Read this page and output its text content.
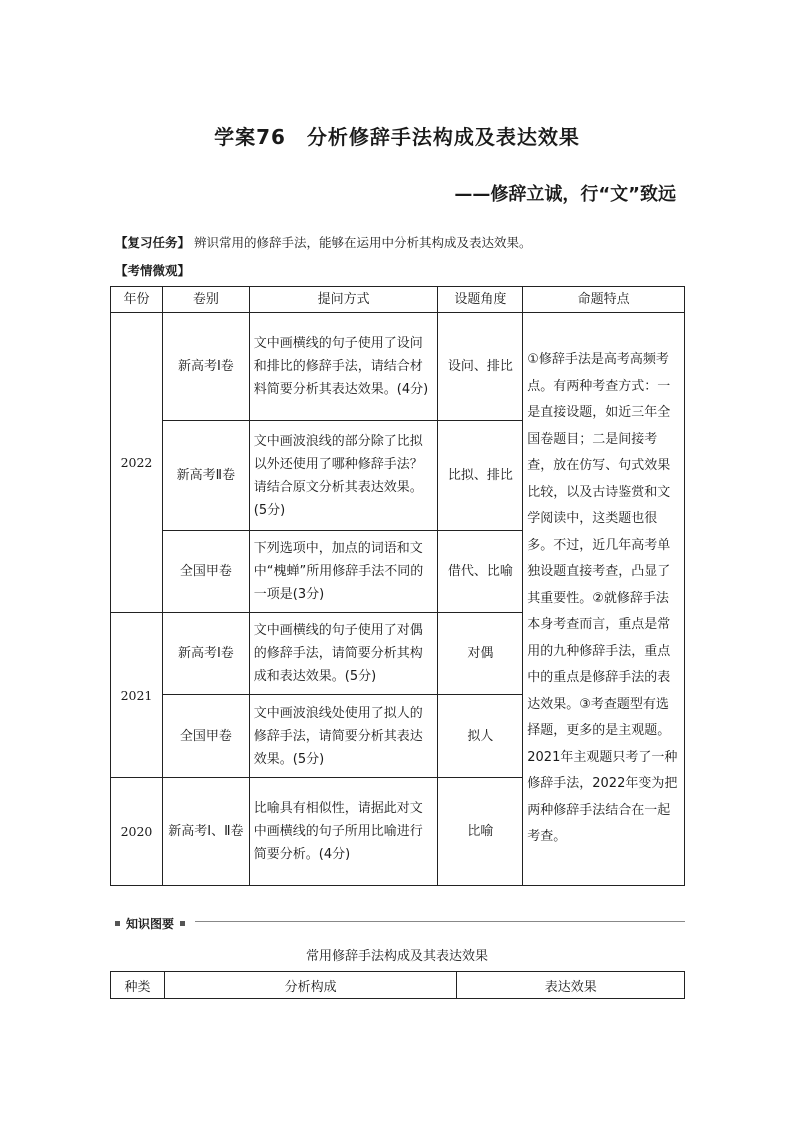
学案76　分析修辞手法构成及表达效果
——修辞立诚，行“文”致远
【复习任务】 辨识常用的修辞手法，能够在运用中分析其构成及表达效果。
【考情微观】
年份	卷别	提问方式	设题角度	命题特点
2022	新高考Ⅰ卷	文中画横线的句子使用了设问和排比的修辞手法，请结合材料简要分析其表达效果。(4分)	设问、排比	①修辞手法是高考高频考点。有两种考查方式：一是直接设题，如近三年全国卷题目；二是间接考查，放在仿写、句式效果比较，以及古诗鉴赏和文学阅读中，这类题也很多。不过，近几年高考单独设题直接考查，凸显了其重要性。②就修辞手法本身考查而言，重点是常用的九种修辞手法，重点中的重点是修辞手法的表达效果。③考查题型有选择题，更多的是主观题。2021年主观题只考了一种修辞手法，2022年变为把两种修辞手法结合在一起考查。
	新高考Ⅱ卷	文中画波浪线的部分除了比拟以外还使用了哪种修辞手法？请结合原文分析其表达效果。(5分)	比拟、排比	
	全国甲卷	下列选项中，加点的词语和文中“槐蝉”所用修辞手法不同的一项是(3分)	借代、比喻	
2021	新高考Ⅰ卷	文中画横线的句子使用了对偶的修辞手法，请简要分析其构成和表达效果。(5分)	对偶	
	全国甲卷	文中画波浪线处使用了拟人的修辞手法，请简要分析其表达效果。(5分)	拟人	
2020	新高考Ⅰ、Ⅱ卷	比喻具有相似性，请据此对文中画横线的句子所用比喻进行简要分析。(4分)	比喻	
知识图要
常用修辞手法构成及其表达效果
种类	分析构成	表达效果
